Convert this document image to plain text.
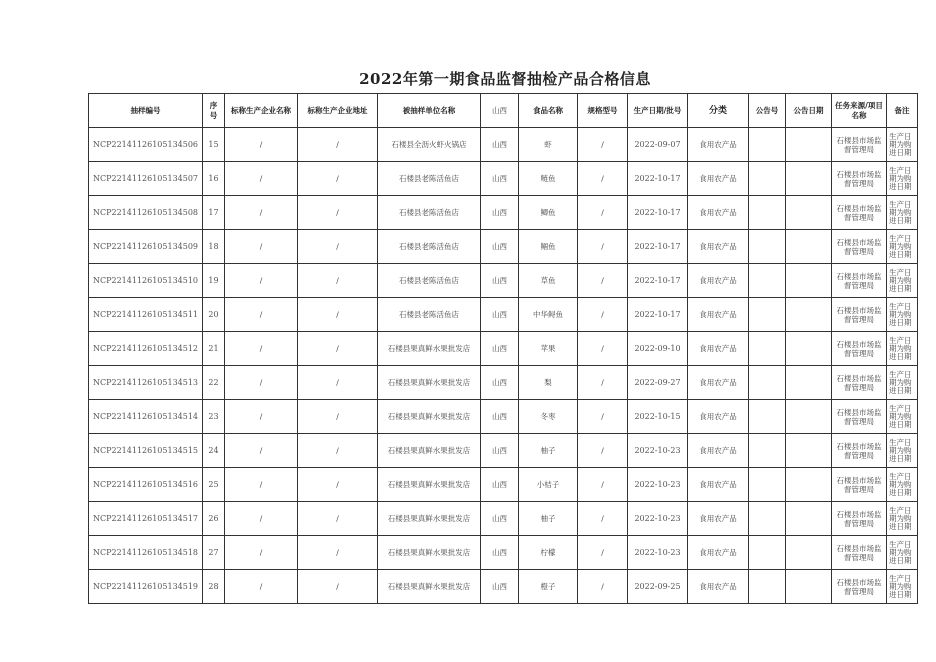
2022年第一期食品监督抽检产品合格信息
抽样编号	序号	标称生产企业名称	标称生产企业地址	被抽样单位名称	山西	食品名称	规格型号	生产日期/批号	分类	公告号	公告日期	任务来源/项目名称	备注
NCP22141126105134506	15	/	/	石楼县全沥火虾火锅店	山西	虾	/	2022-09-07	食用农产品			石楼县市场监督管理局	生产日期为购进日期
NCP22141126105134507	16	/	/	石楼县老陈活鱼店	山西	鲢鱼	/	2022-10-17	食用农产品			石楼县市场监督管理局	生产日期为购进日期
NCP22141126105134508	17	/	/	石楼县老陈活鱼店	山西	鲫鱼	/	2022-10-17	食用农产品			石楼县市场监督管理局	生产日期为购进日期
NCP22141126105134509	18	/	/	石楼县老陈活鱼店	山西	鲴鱼	/	2022-10-17	食用农产品			石楼县市场监督管理局	生产日期为购进日期
NCP22141126105134510	19	/	/	石楼县老陈活鱼店	山西	草鱼	/	2022-10-17	食用农产品			石楼县市场监督管理局	生产日期为购进日期
NCP22141126105134511	20	/	/	石楼县老陈活鱼店	山西	中华鲟鱼	/	2022-10-17	食用农产品			石楼县市场监督管理局	生产日期为购进日期
NCP22141126105134512	21	/	/	石楼县果真鲜水果批发店	山西	苹果	/	2022-09-10	食用农产品			石楼县市场监督管理局	生产日期为购进日期
NCP22141126105134513	22	/	/	石楼县果真鲜水果批发店	山西	梨	/	2022-09-27	食用农产品			石楼县市场监督管理局	生产日期为购进日期
NCP22141126105134514	23	/	/	石楼县果真鲜水果批发店	山西	冬枣	/	2022-10-15	食用农产品			石楼县市场监督管理局	生产日期为购进日期
NCP22141126105134515	24	/	/	石楼县果真鲜水果批发店	山西	柚子	/	2022-10-23	食用农产品			石楼县市场监督管理局	生产日期为购进日期
NCP22141126105134516	25	/	/	石楼县果真鲜水果批发店	山西	小桔子	/	2022-10-23	食用农产品			石楼县市场监督管理局	生产日期为购进日期
NCP22141126105134517	26	/	/	石楼县果真鲜水果批发店	山西	柚子	/	2022-10-23	食用农产品			石楼县市场监督管理局	生产日期为购进日期
NCP22141126105134518	27	/	/	石楼县果真鲜水果批发店	山西	柠檬	/	2022-10-23	食用农产品			石楼县市场监督管理局	生产日期为购进日期
NCP22141126105134519	28	/	/	石楼县果真鲜水果批发店	山西	橙子	/	2022-09-25	食用农产品			石楼县市场监督管理局	生产日期为购进日期
